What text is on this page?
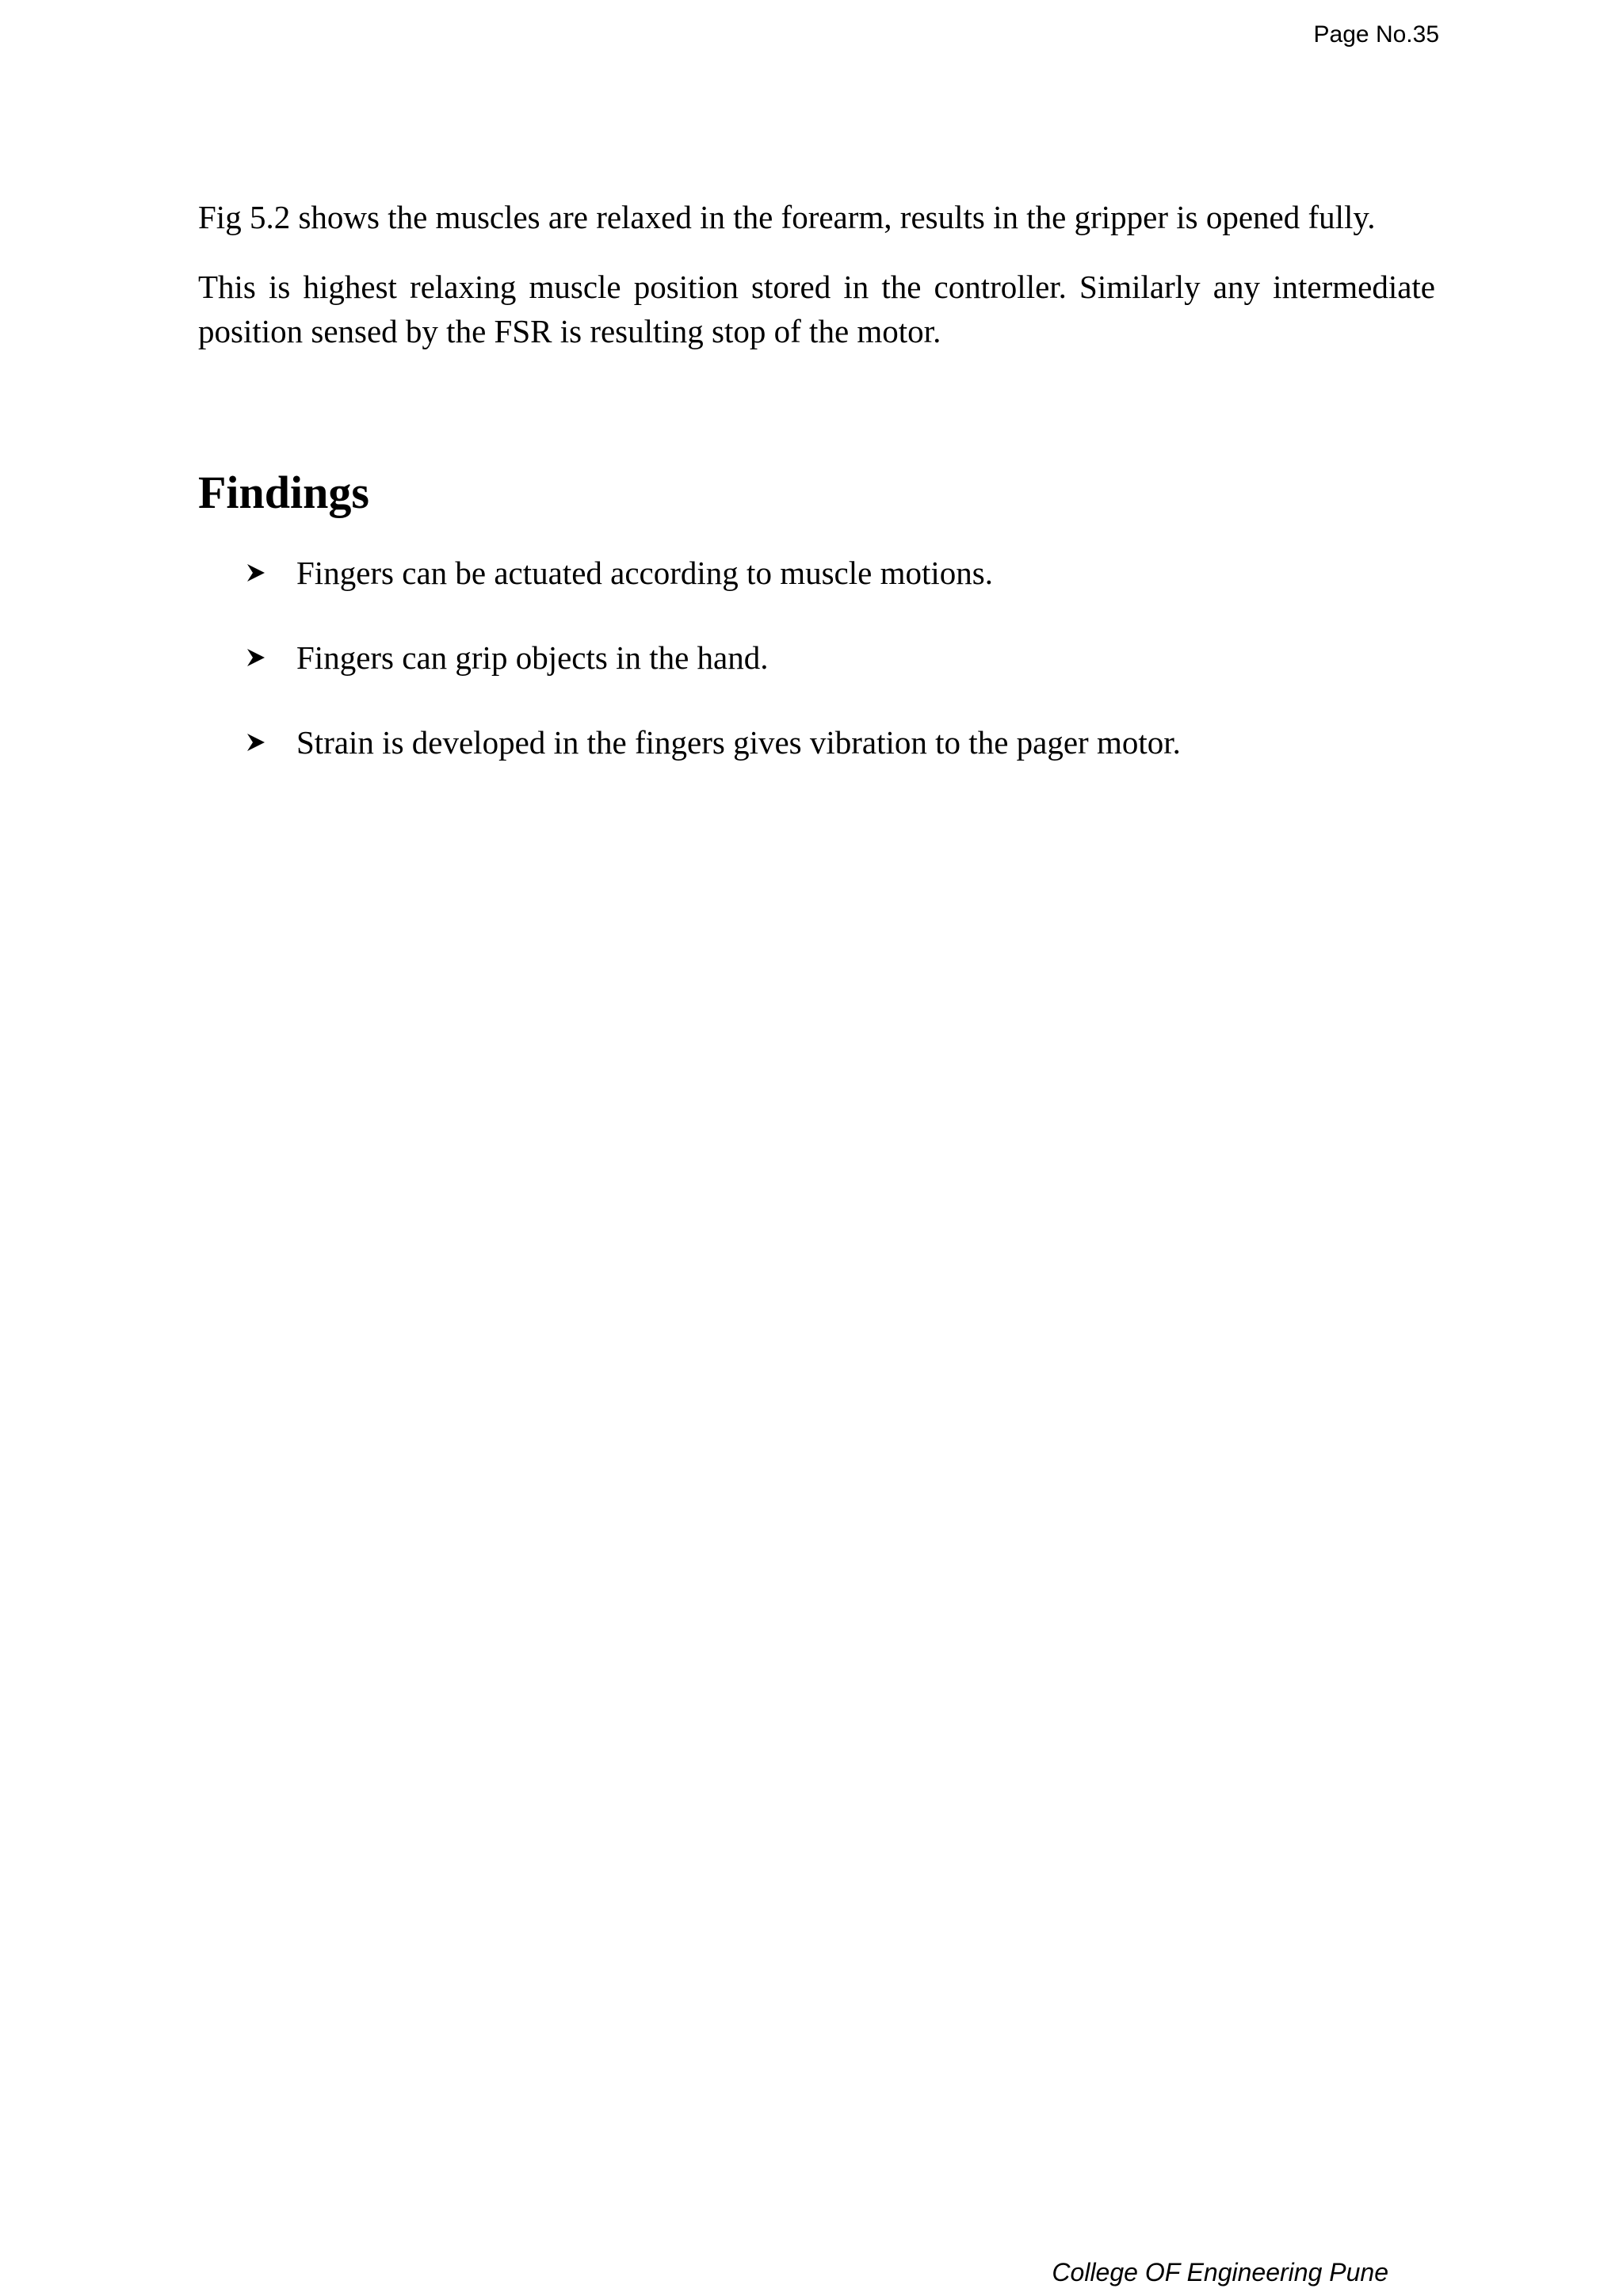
Page No.35

Fig 5.2 shows the muscles are relaxed in the forearm, results in the gripper is opened fully.

This is highest relaxing muscle position stored in the controller. Similarly any intermediate position sensed by the FSR is resulting stop of the motor.

Findings
Fingers can be actuated according to muscle motions.
Fingers can grip objects in the hand.
Strain is developed in the fingers gives vibration to the pager motor.
College OF Engineering Pune
